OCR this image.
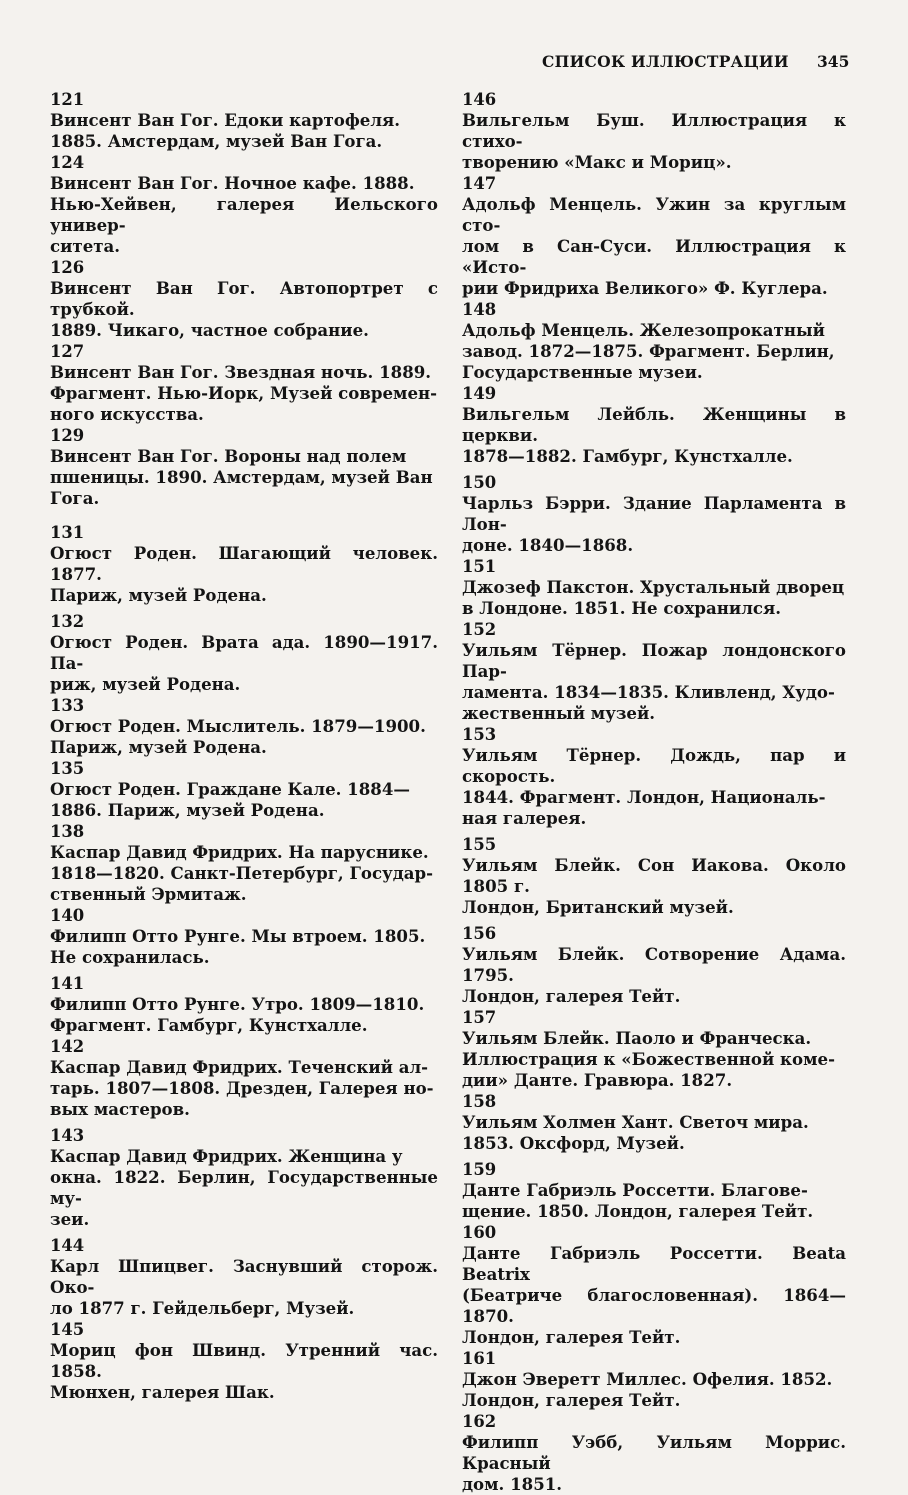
СПИСОК ИЛЛЮСТРАЦИИ 345
121
Винсент Ван Гог. Едоки картофеля.
1885. Амстердам, музей Ван Гога.
124
Винсент Ван Гог. Ночное кафе. 1888.
Нью-Хейвен, галерея Иельского универ-
ситета.
126
Винсент Ван Гог. Автопортрет с трубкой.
1889. Чикаго, частное собрание.
127
Винсент Ван Гог. Звездная ночь. 1889.
Фрагмент. Нью-Иорк, Музей современ-
ного искусства.
129
Винсент Ван Гог. Вороны над полем
пшеницы. 1890. Амстердам, музей Ван
Гога.
131
Огюст Роден. Шагающий человек. 1877.
Париж, музей Родена.
132
Огюст Роден. Врата ада. 1890—1917. Па-
риж, музей Родена.
133
Огюст Роден. Мыслитель. 1879—1900.
Париж, музей Родена.
135
Огюст Роден. Граждане Кале. 1884—
1886. Париж, музей Родена.
138
Каспар Давид Фридрих. На паруснике.
1818—1820. Санкт-Петербург, Государ-
ственный Эрмитаж.
140
Филипп Отто Рунге. Мы втроем. 1805.
Не сохранилась.
141
Филипп Отто Рунге. Утро. 1809—1810.
Фрагмент. Гамбург, Кунстхалле.
142
Каспар Давид Фридрих. Теченский ал-
тарь. 1807—1808. Дрезден, Галерея но-
вых мастеров.
143
Каспар Давид Фридрих. Женщина у
окна. 1822. Берлин, Государственные му-
зеи.
144
Карл Шпицвег. Заснувший сторож. Око-
ло 1877 г. Гейдельберг, Музей.
145
Мориц фон Швинд. Утренний час. 1858.
Мюнхен, галерея Шак.
146
Вильгельм Буш. Иллюстрация к стихо-
творению «Макс и Мориц».
147
Адольф Менцель. Ужин за круглым сто-
лом в Сан-Суси. Иллюстрация к «Исто-
рии Фридриха Великого» Ф. Куглера.
148
Адольф Менцель. Железопрокатный
завод. 1872—1875. Фрагмент. Берлин,
Государственные музеи.
149
Вильгельм Лейбль. Женщины в церкви.
1878—1882. Гамбург, Кунстхалле.
150
Чарльз Бэрри. Здание Парламента в Лон-
доне. 1840—1868.
151
Джозеф Пакстон. Хрустальный дворец
в Лондоне. 1851. Не сохранился.
152
Уильям Тёрнер. Пожар лондонского Пар-
ламента. 1834—1835. Кливленд, Худо-
жественный музей.
153
Уильям Тёрнер. Дождь, пар и скорость.
1844. Фрагмент. Лондон, Националь-
ная галерея.
155
Уильям Блейк. Сон Иакова. Около 1805 г.
Лондон, Британский музей.
156
Уильям Блейк. Сотворение Адама. 1795.
Лондон, галерея Тейт.
157
Уильям Блейк. Паоло и Франческа.
Иллюстрация к «Божественной коме-
дии» Данте. Гравюра. 1827.
158
Уильям Холмен Хант. Светоч мира.
1853. Оксфорд, Музей.
159
Данте Габриэль Россетти. Благове-
щение. 1850. Лондон, галерея Тейт.
160
Данте Габриэль Россетти. Beata Beatrix
(Беатриче благословенная). 1864—1870.
Лондон, галерея Тейт.
161
Джон Эверетт Миллес. Офелия. 1852.
Лондон, галерея Тейт.
162
Филипп Уэбб, Уильям Моррис. Красный
дом. 1851.
